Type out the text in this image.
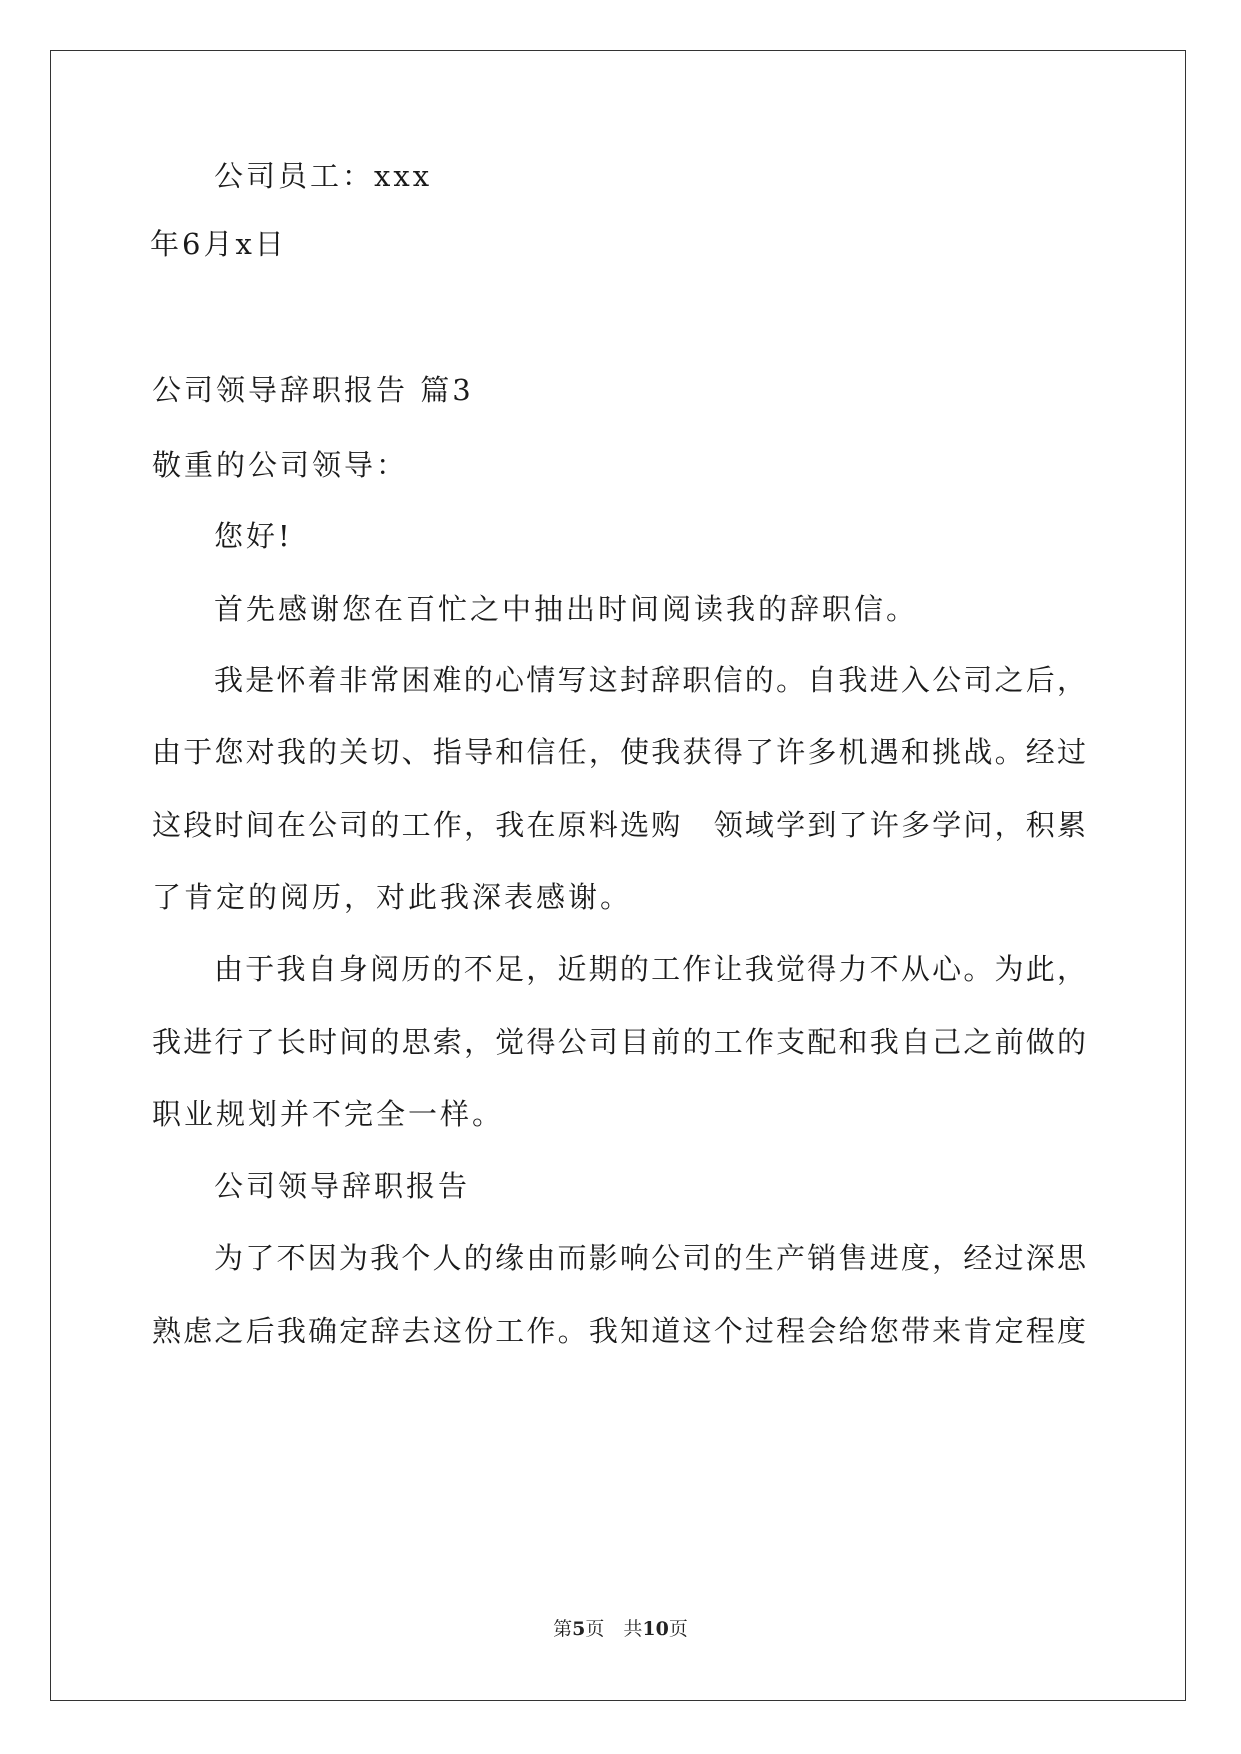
公司员工：xxx
年6月x日
公司领导辞职报告 篇3
敬重的公司领导：
您好!
首先感谢您在百忙之中抽出时间阅读我的辞职信。
我是怀着非常困难的心情写这封辞职信的。自我进入公司之后，
由于您对我的关切、指导和信任，使我获得了许多机遇和挑战。经过
这段时间在公司的工作，我在原料选购　领域学到了许多学问，积累
了肯定的阅历，对此我深表感谢。
由于我自身阅历的不足，近期的工作让我觉得力不从心。为此，
我进行了长时间的思索，觉得公司目前的工作支配和我自己之前做的
职业规划并不完全一样。
公司领导辞职报告
为了不因为我个人的缘由而影响公司的生产销售进度，经过深思
熟虑之后我确定辞去这份工作。我知道这个过程会给您带来肯定程度
第5页　共10页
